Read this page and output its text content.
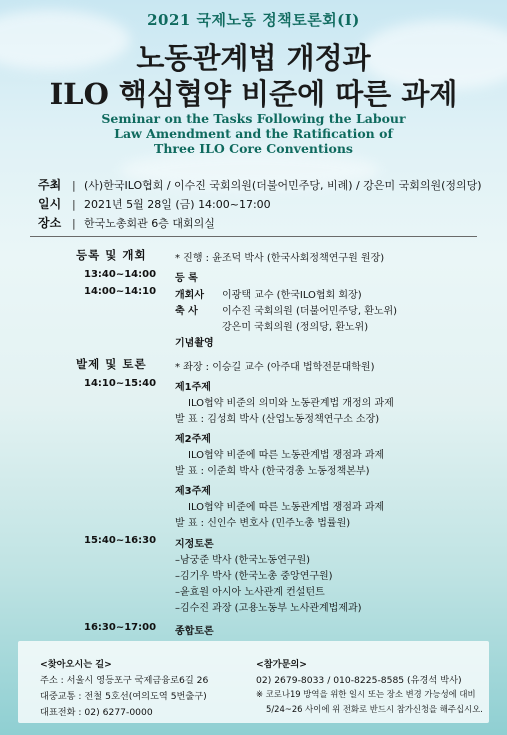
2021 국제노동 정책토론회(Ⅰ)
노동관계법 개정과
ILO 핵심협약 비준에 따른 과제
Seminar on the Tasks Following the Labour
Law Amendment and the Ratification of
Three ILO Core Conventions
주최 | (사)한국ILO협회 / 이수진 국회의원(더불어민주당, 비례) / 강은미 국회의원(정의당)
일시 | 2021년 5월 28일 (금) 14:00~17:00
장소 | 한국노총회관 6층 대회의실
등록 및 개회	* 진행 : 윤조덕 박사 (한국사회정책연구원 원장)
13:40~14:00 등 록
14:00~14:10 개회사 이광택 교수 (한국ILO협회 회장)
축 사 이수진 국회의원 (더불어민주당, 환노위)
강은미 국회의원 (정의당, 환노위)
기념촬영
발제 및 토론	* 좌장 : 이승길 교수 (아주대 법학전문대학원)
14:10~15:40 제1주제
ILO협약 비준의 의미와 노동관계법 개정의 과제
발 표 : 김성희 박사 (산업노동정책연구소 소장)
제2주제
ILO협약 비준에 따른 노동관계법 쟁점과 과제
발 표 : 이준희 박사 (한국경총 노동정책본부)
제3주제
ILO협약 비준에 따른 노동관계법 쟁점과 과제
발 표 : 신인수 변호사 (민주노총 법률원)
15:40~16:30 지정토론
–남궁준 박사 (한국노동연구원)
–김기우 박사 (한국노총 중앙연구원)
–윤효원 아시아 노사관계 컨설턴트
–김수진 과장 (고용노동부 노사관계법제과)
16:30~17:00 종합토론
<찾아오시는 길>
주소 : 서울시 영등포구 국제금융로6길 26
대중교통 : 전철 5호선(여의도역 5번출구)
대표전화 : 02) 6277-0000
<참가문의>
02) 2679-8033 / 010-8225-8585 (유경석 박사)
※ 코로나19 방역을 위한 일시 또는 장소 변경 가능성에 대비
5/24~26 사이에 위 전화로 반드시 참가신청을 해주십시오.
